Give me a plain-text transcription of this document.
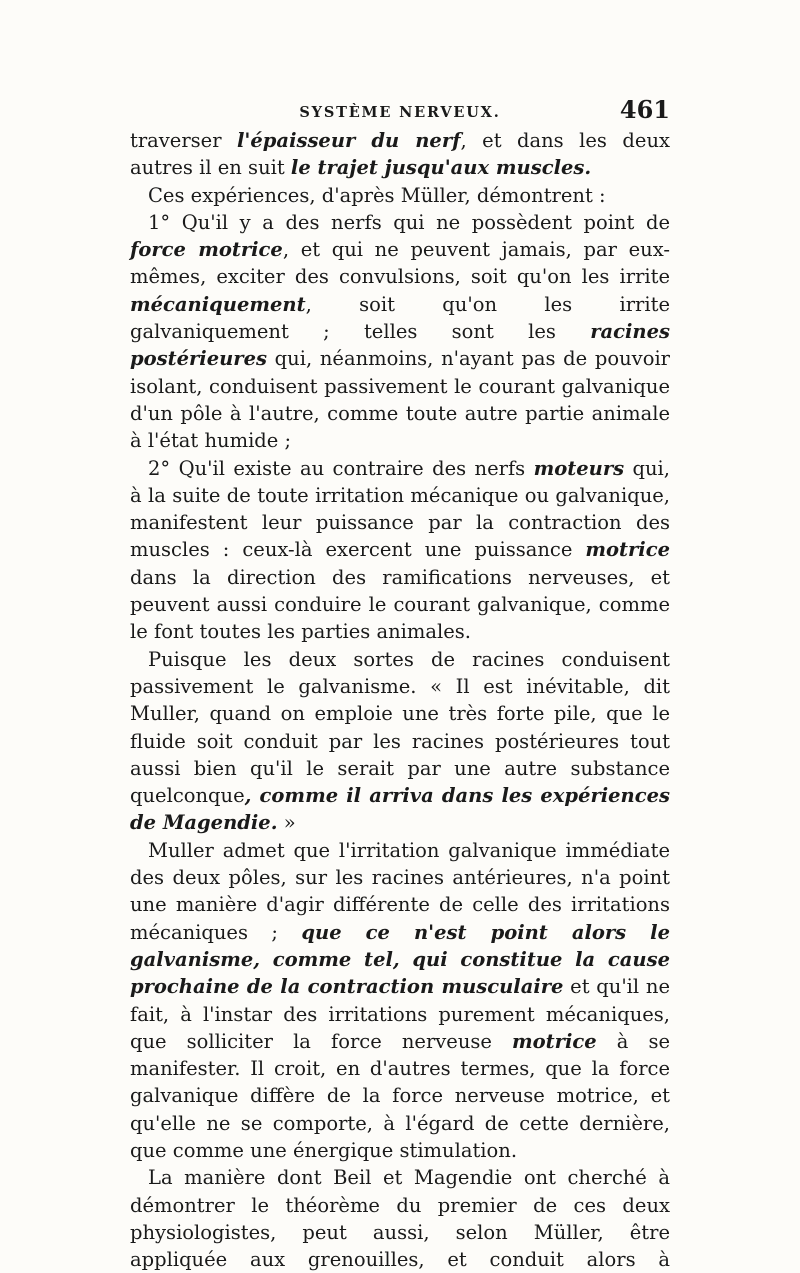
SYSTÈME NERVEUX.	461

traverser l'épaisseur du nerf, et dans les deux autres il en suit le trajet jusqu'aux muscles.

Ces expériences, d'après Müller, démontrent :

1° Qu'il y a des nerfs qui ne possèdent point de force motrice, et qui ne peuvent jamais, par eux-mêmes, exciter des convulsions, soit qu'on les irrite mécaniquement, soit qu'on les irrite galvaniquement ; telles sont les racines postérieures qui, néanmoins, n'ayant pas de pouvoir isolant, conduisent passivement le courant galvanique d'un pôle à l'autre, comme toute autre partie animale à l'état humide ;

2° Qu'il existe au contraire des nerfs moteurs qui, à la suite de toute irritation mécanique ou galvanique, manifestent leur puissance par la contraction des muscles : ceux-là exercent une puissance motrice dans la direction des ramifications nerveuses, et peuvent aussi conduire le courant galvanique, comme le font toutes les parties animales.

Puisque les deux sortes de racines conduisent passivement le galvanisme. « Il est inévitable, dit Muller, quand on emploie une très forte pile, que le fluide soit conduit par les racines postérieures tout aussi bien qu'il le serait par une autre substance quelconque, comme il arriva dans les expériences de Magendie. »

Muller admet que l'irritation galvanique immédiate des deux pôles, sur les racines antérieures, n'a point une manière d'agir différente de celle des irritations mécaniques ; que ce n'est point alors le galvanisme, comme tel, qui constitue la cause prochaine de la contraction musculaire et qu'il ne fait, à l'instar des irritations purement mécaniques, que solliciter la force nerveuse motrice à se manifester. Il croit, en d'autres termes, que la force galvanique diffère de la force nerveuse motrice, et qu'elle ne se comporte, à l'égard de cette dernière, que comme une énergique stimulation.

La manière dont Beil et Magendie ont cherché à démontrer le théorème du premier de ces deux physiologistes, peut aussi, selon Müller, être appliquée aux grenouilles, et conduit alors à
